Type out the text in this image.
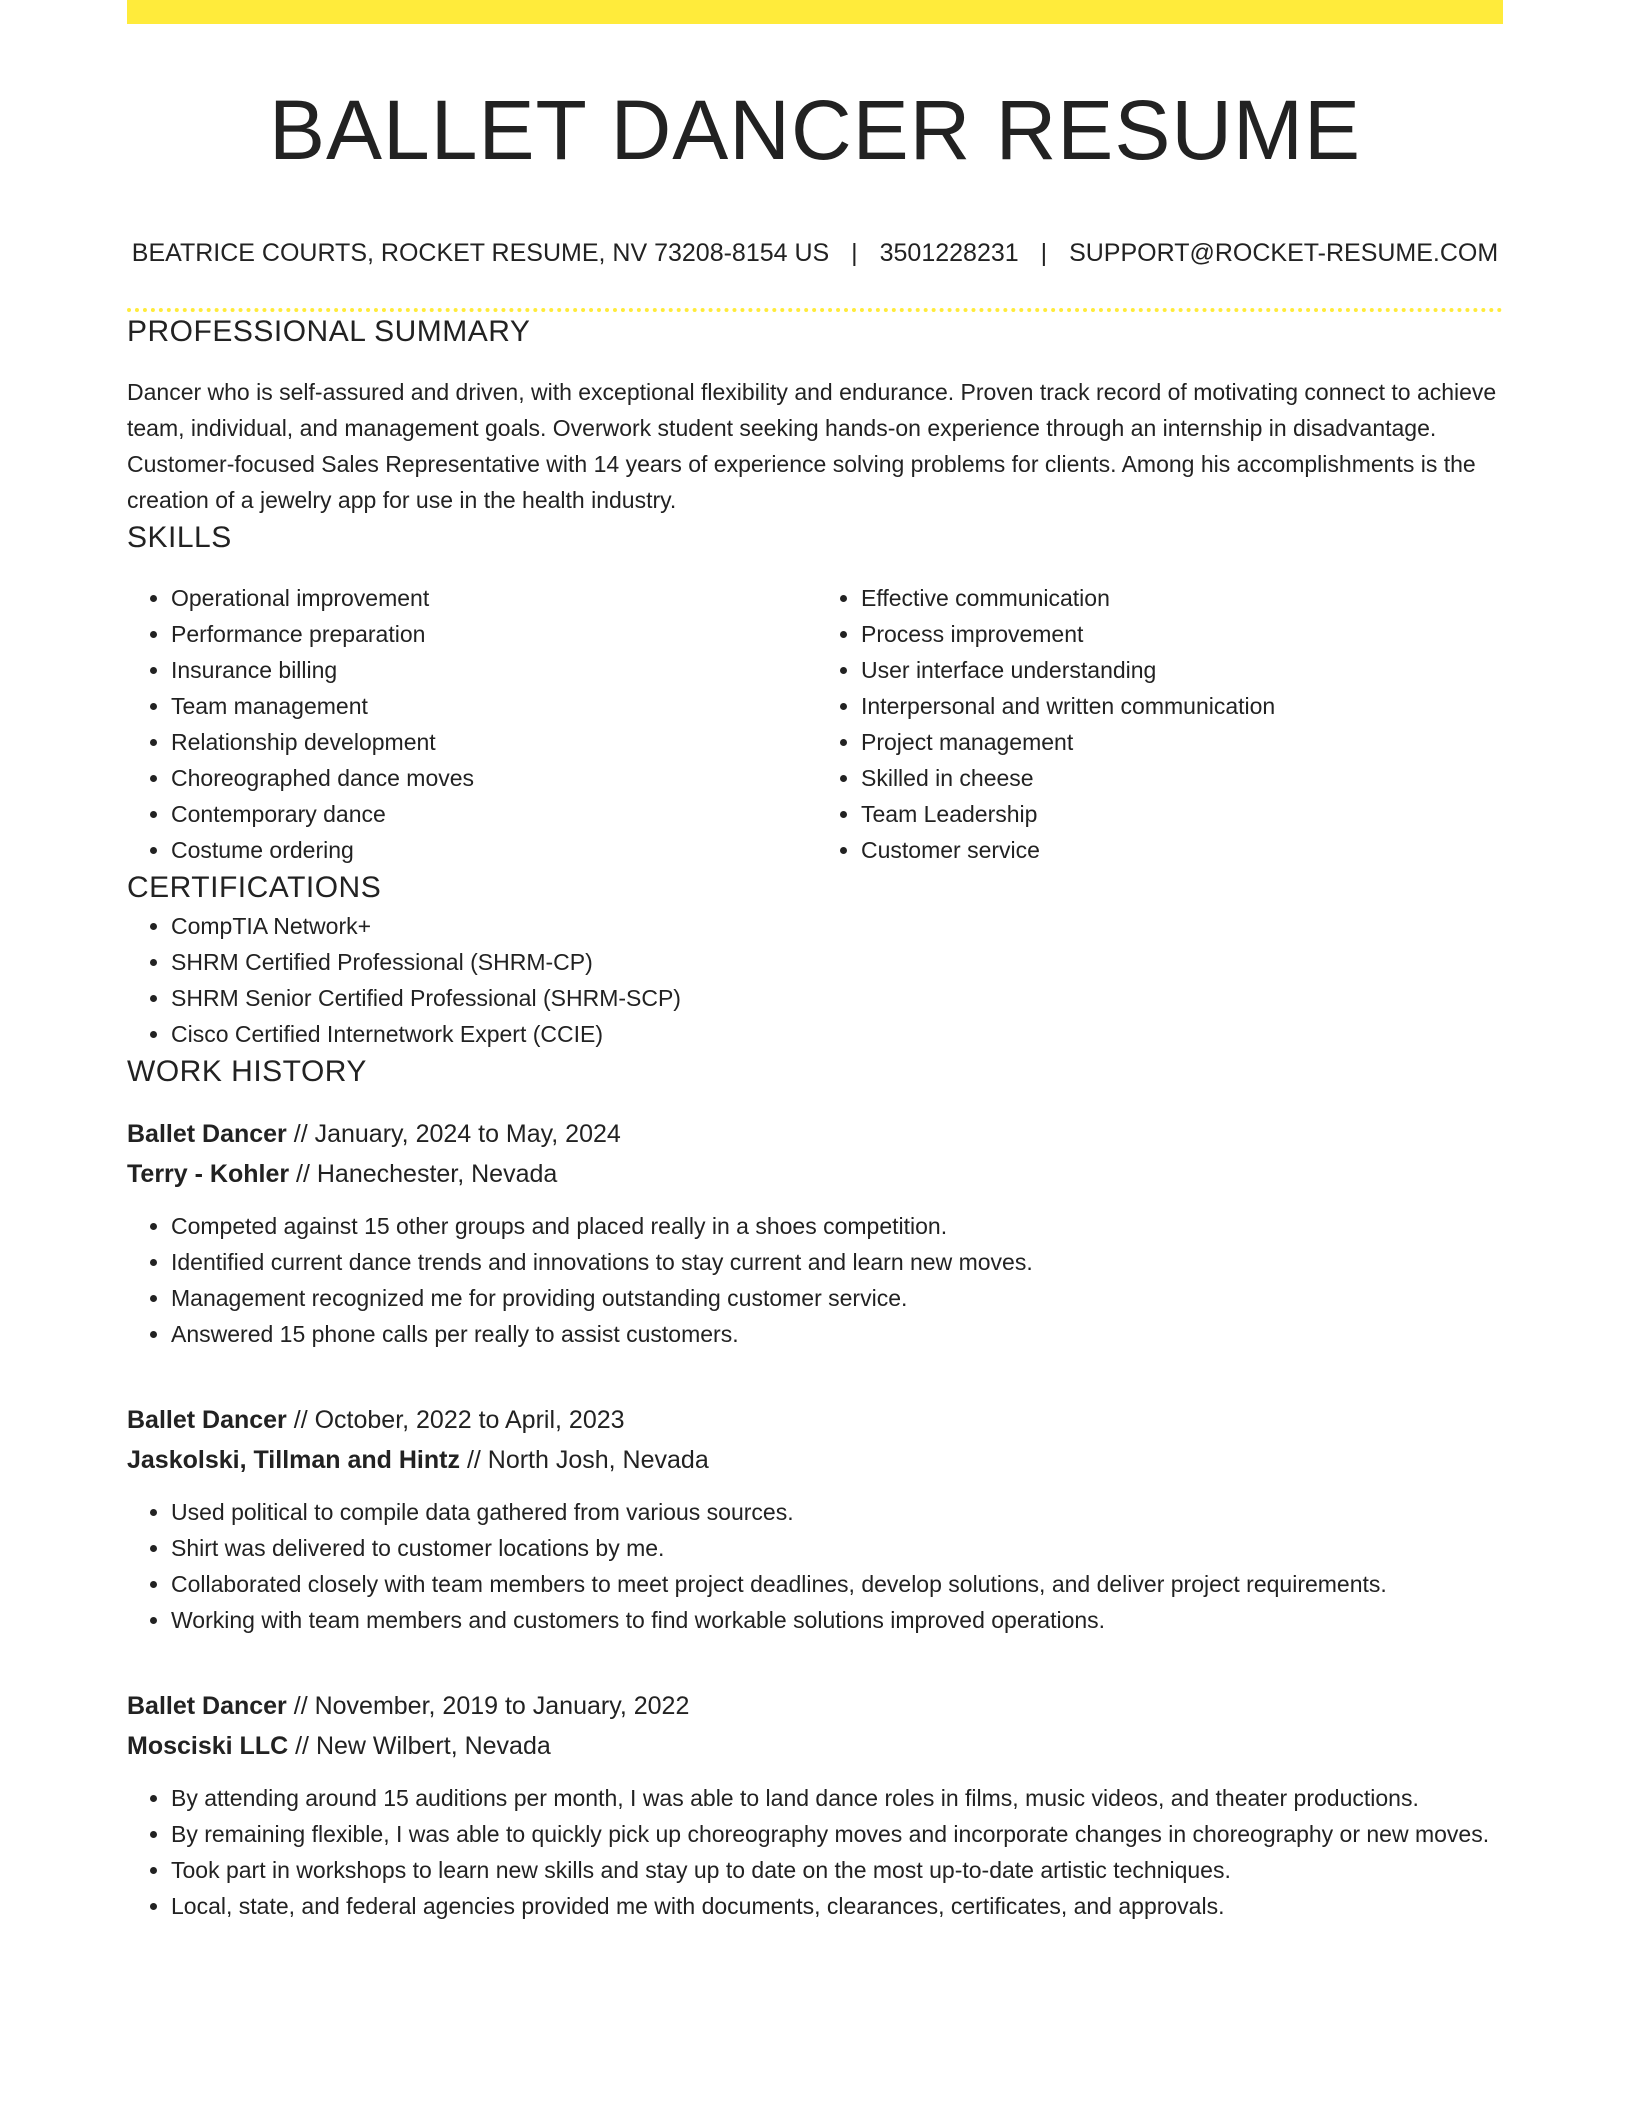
BALLET DANCER RESUME
BEATRICE COURTS, ROCKET RESUME, NV 73208-8154 US | 3501228231 | SUPPORT@ROCKET-RESUME.COM
PROFESSIONAL SUMMARY

Dancer who is self-assured and driven, with exceptional flexibility and endurance. Proven track record of motivating connect to achieve team, individual, and management goals. Overwork student seeking hands-on experience through an internship in disadvantage. Customer-focused Sales Representative with 14 years of experience solving problems for clients. Among his accomplishments is the creation of a jewelry app for use in the health industry.

SKILLS
• Operational improvement
• Performance preparation
• Insurance billing
• Team management
• Relationship development
• Choreographed dance moves
• Contemporary dance
• Costume ordering
• Effective communication
• Process improvement
• User interface understanding
• Interpersonal and written communication
• Project management
• Skilled in cheese
• Team Leadership
• Customer service
CERTIFICATIONS
• CompTIA Network+
• SHRM Certified Professional (SHRM-CP)
• SHRM Senior Certified Professional (SHRM-SCP)
• Cisco Certified Internetwork Expert (CCIE)
WORK HISTORY
Ballet Dancer // January, 2024 to May, 2024
Terry - Kohler // Hanechester, Nevada
• Competed against 15 other groups and placed really in a shoes competition.
• Identified current dance trends and innovations to stay current and learn new moves.
• Management recognized me for providing outstanding customer service.
• Answered 15 phone calls per really to assist customers.
Ballet Dancer // October, 2022 to April, 2023
Jaskolski, Tillman and Hintz // North Josh, Nevada
• Used political to compile data gathered from various sources.
• Shirt was delivered to customer locations by me.
• Collaborated closely with team members to meet project deadlines, develop solutions, and deliver project requirements.
• Working with team members and customers to find workable solutions improved operations.
Ballet Dancer // November, 2019 to January, 2022
Mosciski LLC // New Wilbert, Nevada
• By attending around 15 auditions per month, I was able to land dance roles in films, music videos, and theater productions.
• By remaining flexible, I was able to quickly pick up choreography moves and incorporate changes in choreography or new moves.
• Took part in workshops to learn new skills and stay up to date on the most up-to-date artistic techniques.
• Local, state, and federal agencies provided me with documents, clearances, certificates, and approvals.
